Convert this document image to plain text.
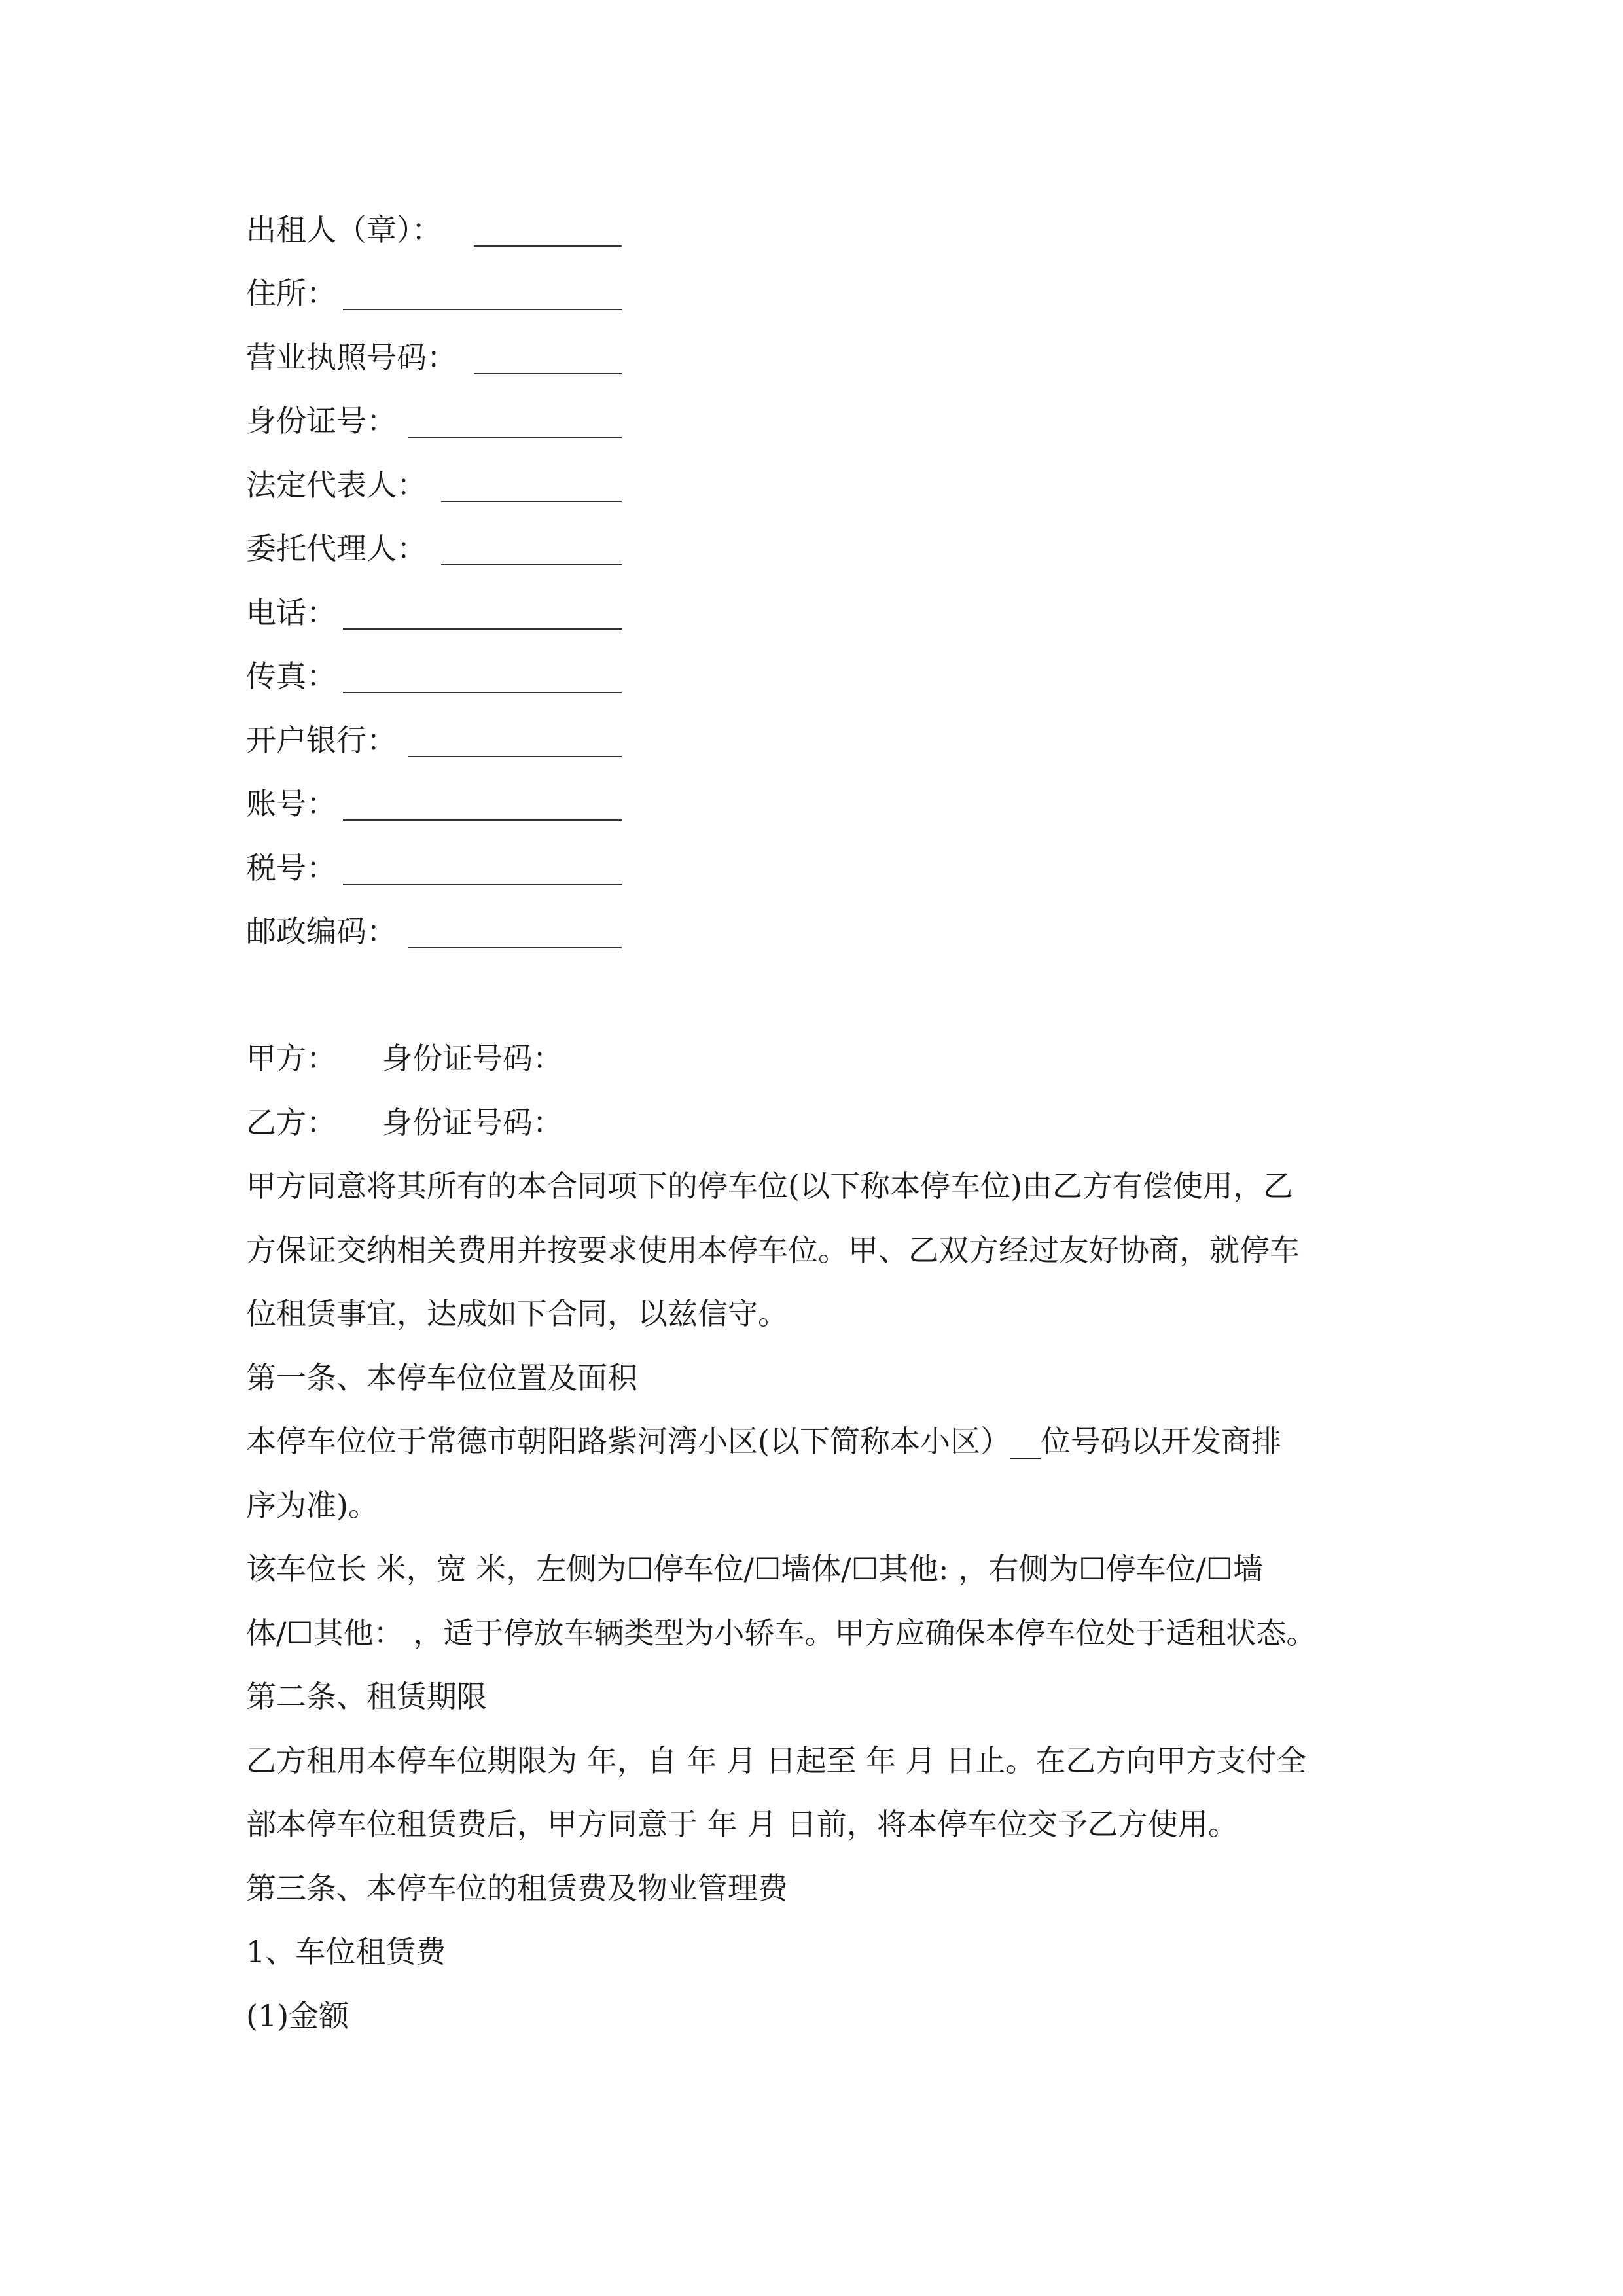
出租人（章）：
住所：
营业执照号码：
身份证号：
法定代表人：
委托代理人：
电话：
传真：
开户银行：
账号：
税号：
邮政编码：
甲方： 身份证号码：
乙方： 身份证号码：
甲方同意将其所有的本合同项下的停车位(以下称本停车位)由乙方有偿使用，乙
方保证交纳相关费用并按要求使用本停车位。甲、乙双方经过友好协商，就停车
位租赁事宜，达成如下合同，以兹信守。
第一条、本停车位位置及面积
本停车位位于常德市朝阳路紫河湾小区(以下简称本小区）__位号码以开发商排
序为准)。
该车位长 米，宽 米，左侧为☐停车位/☐墙体/☐其他: ，右侧为☐停车位/☐墙
体/☐其他： ，适于停放车辆类型为小轿车。甲方应确保本停车位处于适租状态。
第二条、租赁期限
乙方租用本停车位期限为 年，自 年 月 日起至 年 月 日止。在乙方向甲方支付全
部本停车位租赁费后，甲方同意于 年 月 日前，将本停车位交予乙方使用。
第三条、本停车位的租赁费及物业管理费
1、车位租赁费
(1)金额
